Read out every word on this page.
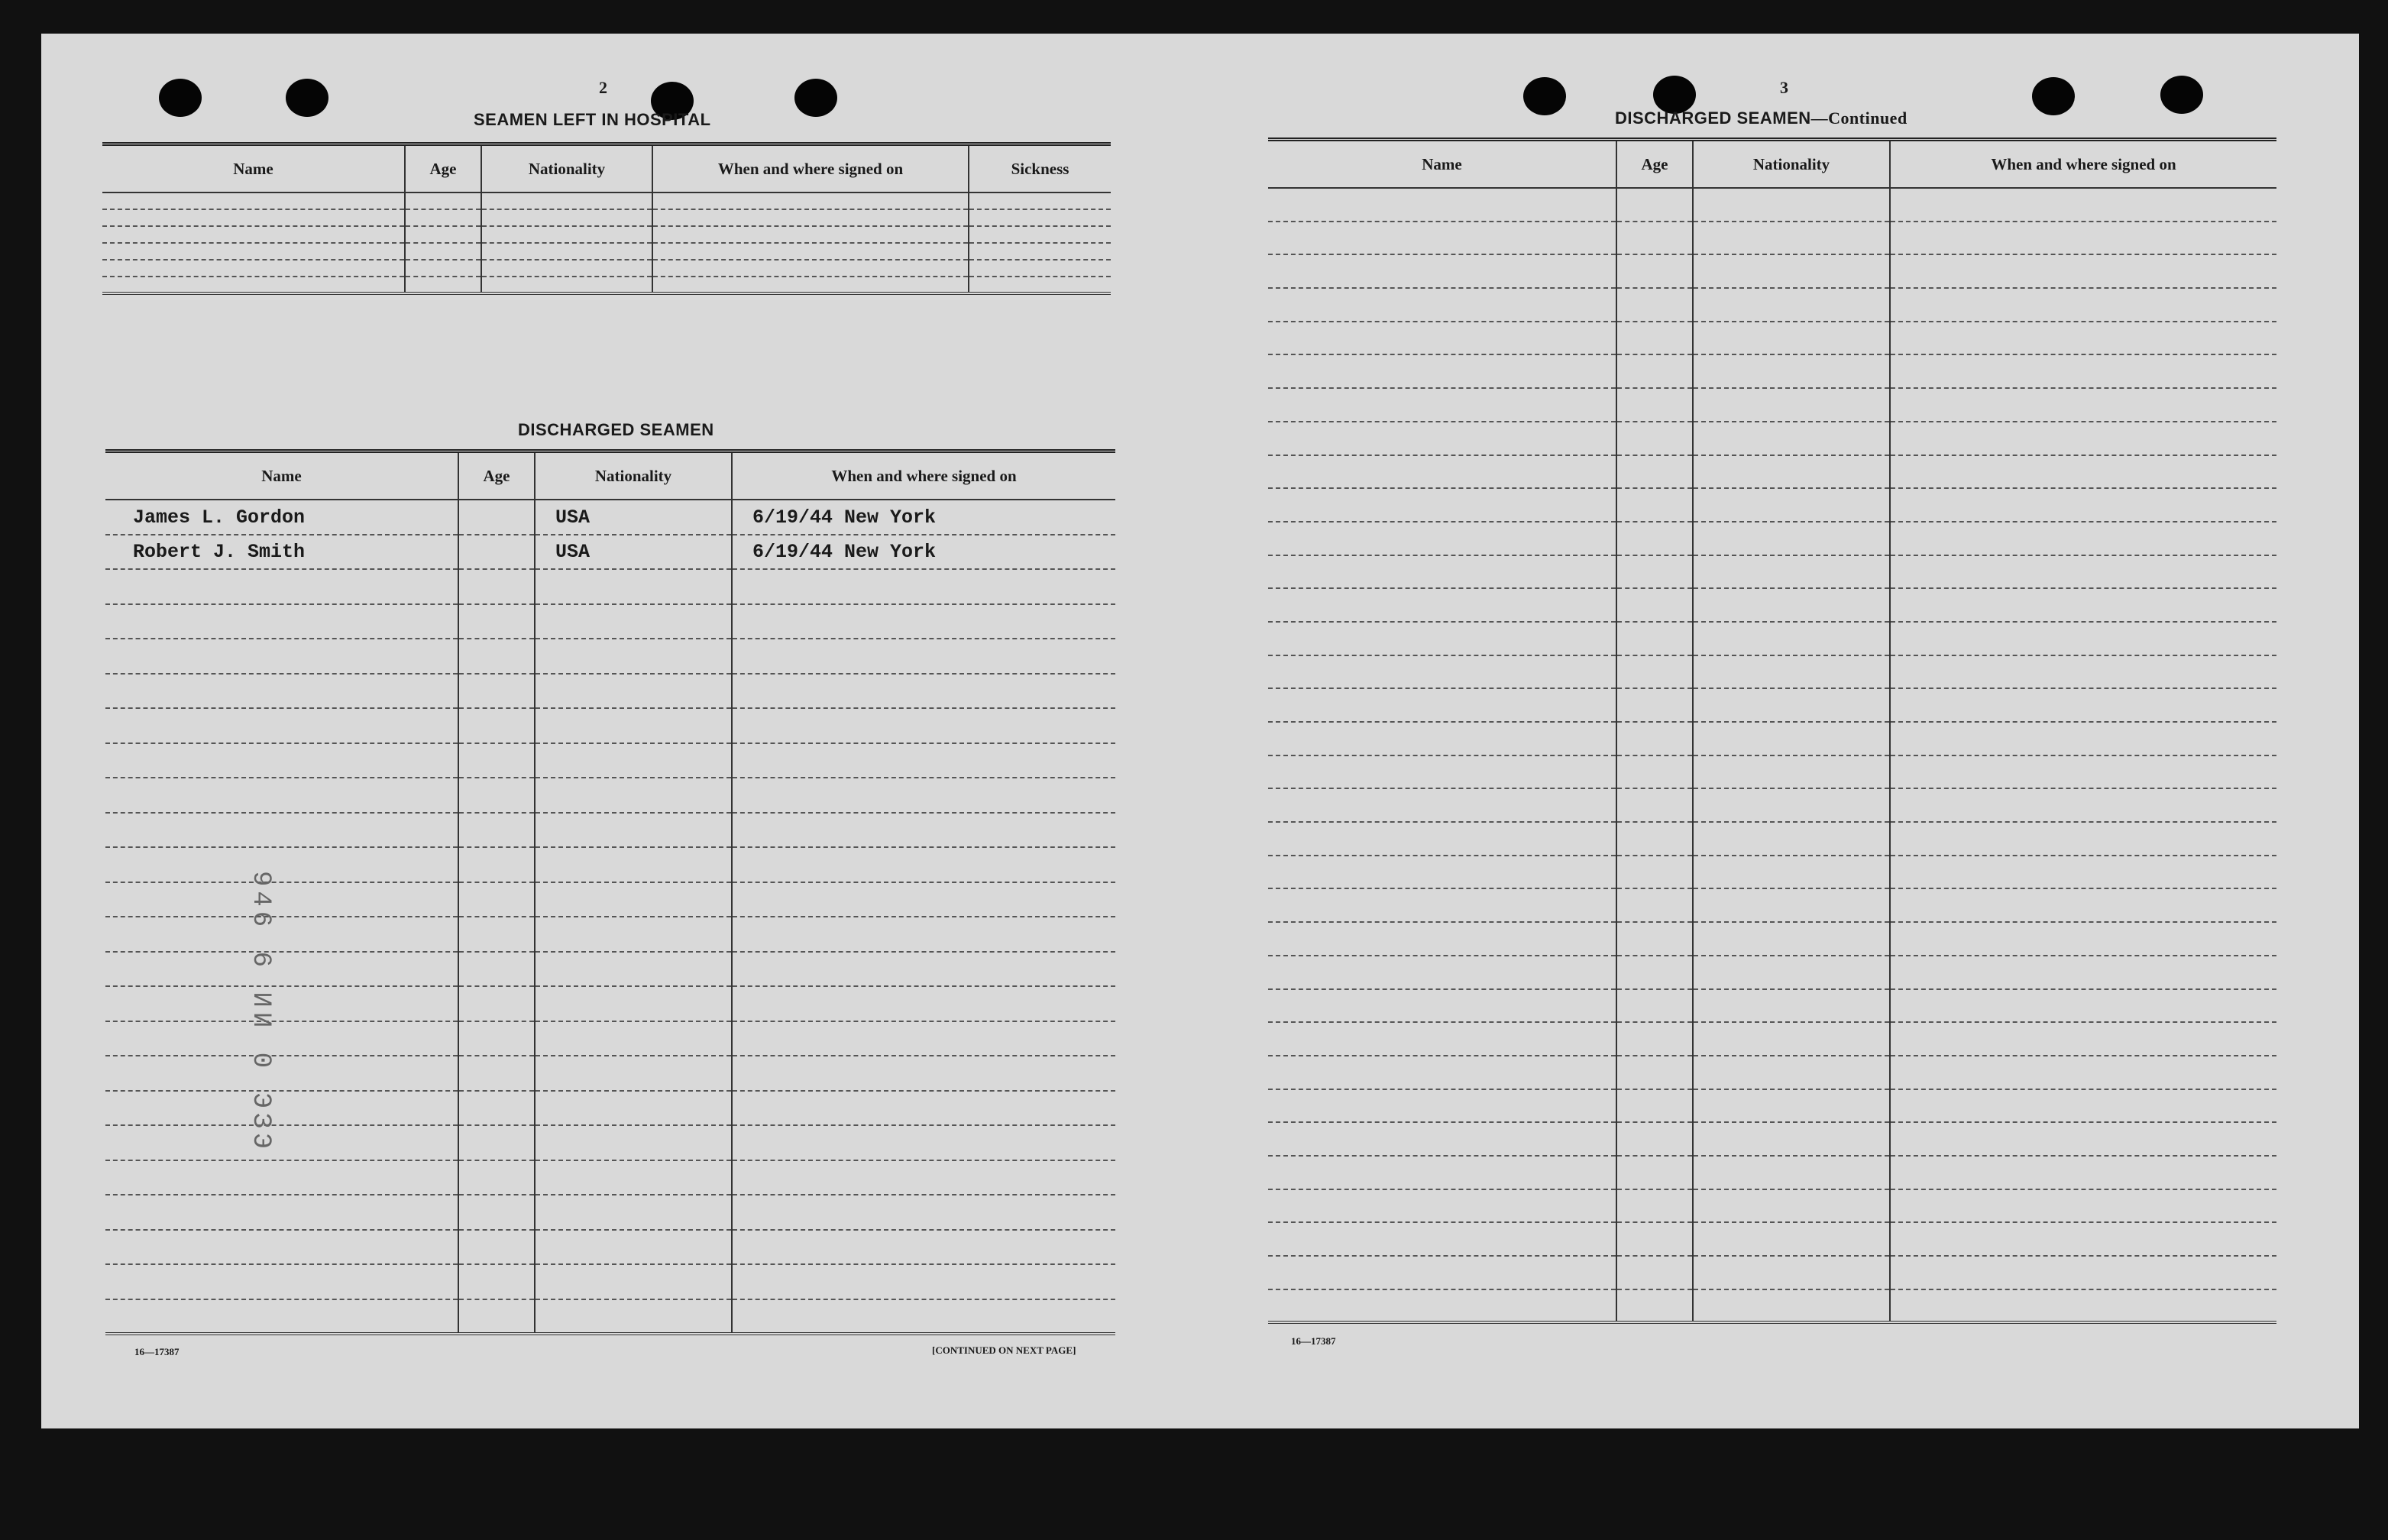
2
SEAMEN LEFT IN HOSPITAL
Name	Age	Nationality	When and where signed on	Sickness

DISCHARGED SEAMEN
Name	Age	Nationality	When and where signed on
James L. Gordon		USA	6/19/44 New York
Robert J. Smith		USA	6/19/44 New York

16—17387	[CONTINUED ON NEXT PAGE]
946 6 ИИ 0 ЭЗЭ
3
DISCHARGED SEAMEN—Continued
Name	Age	Nationality	When and where signed on

16—17387
